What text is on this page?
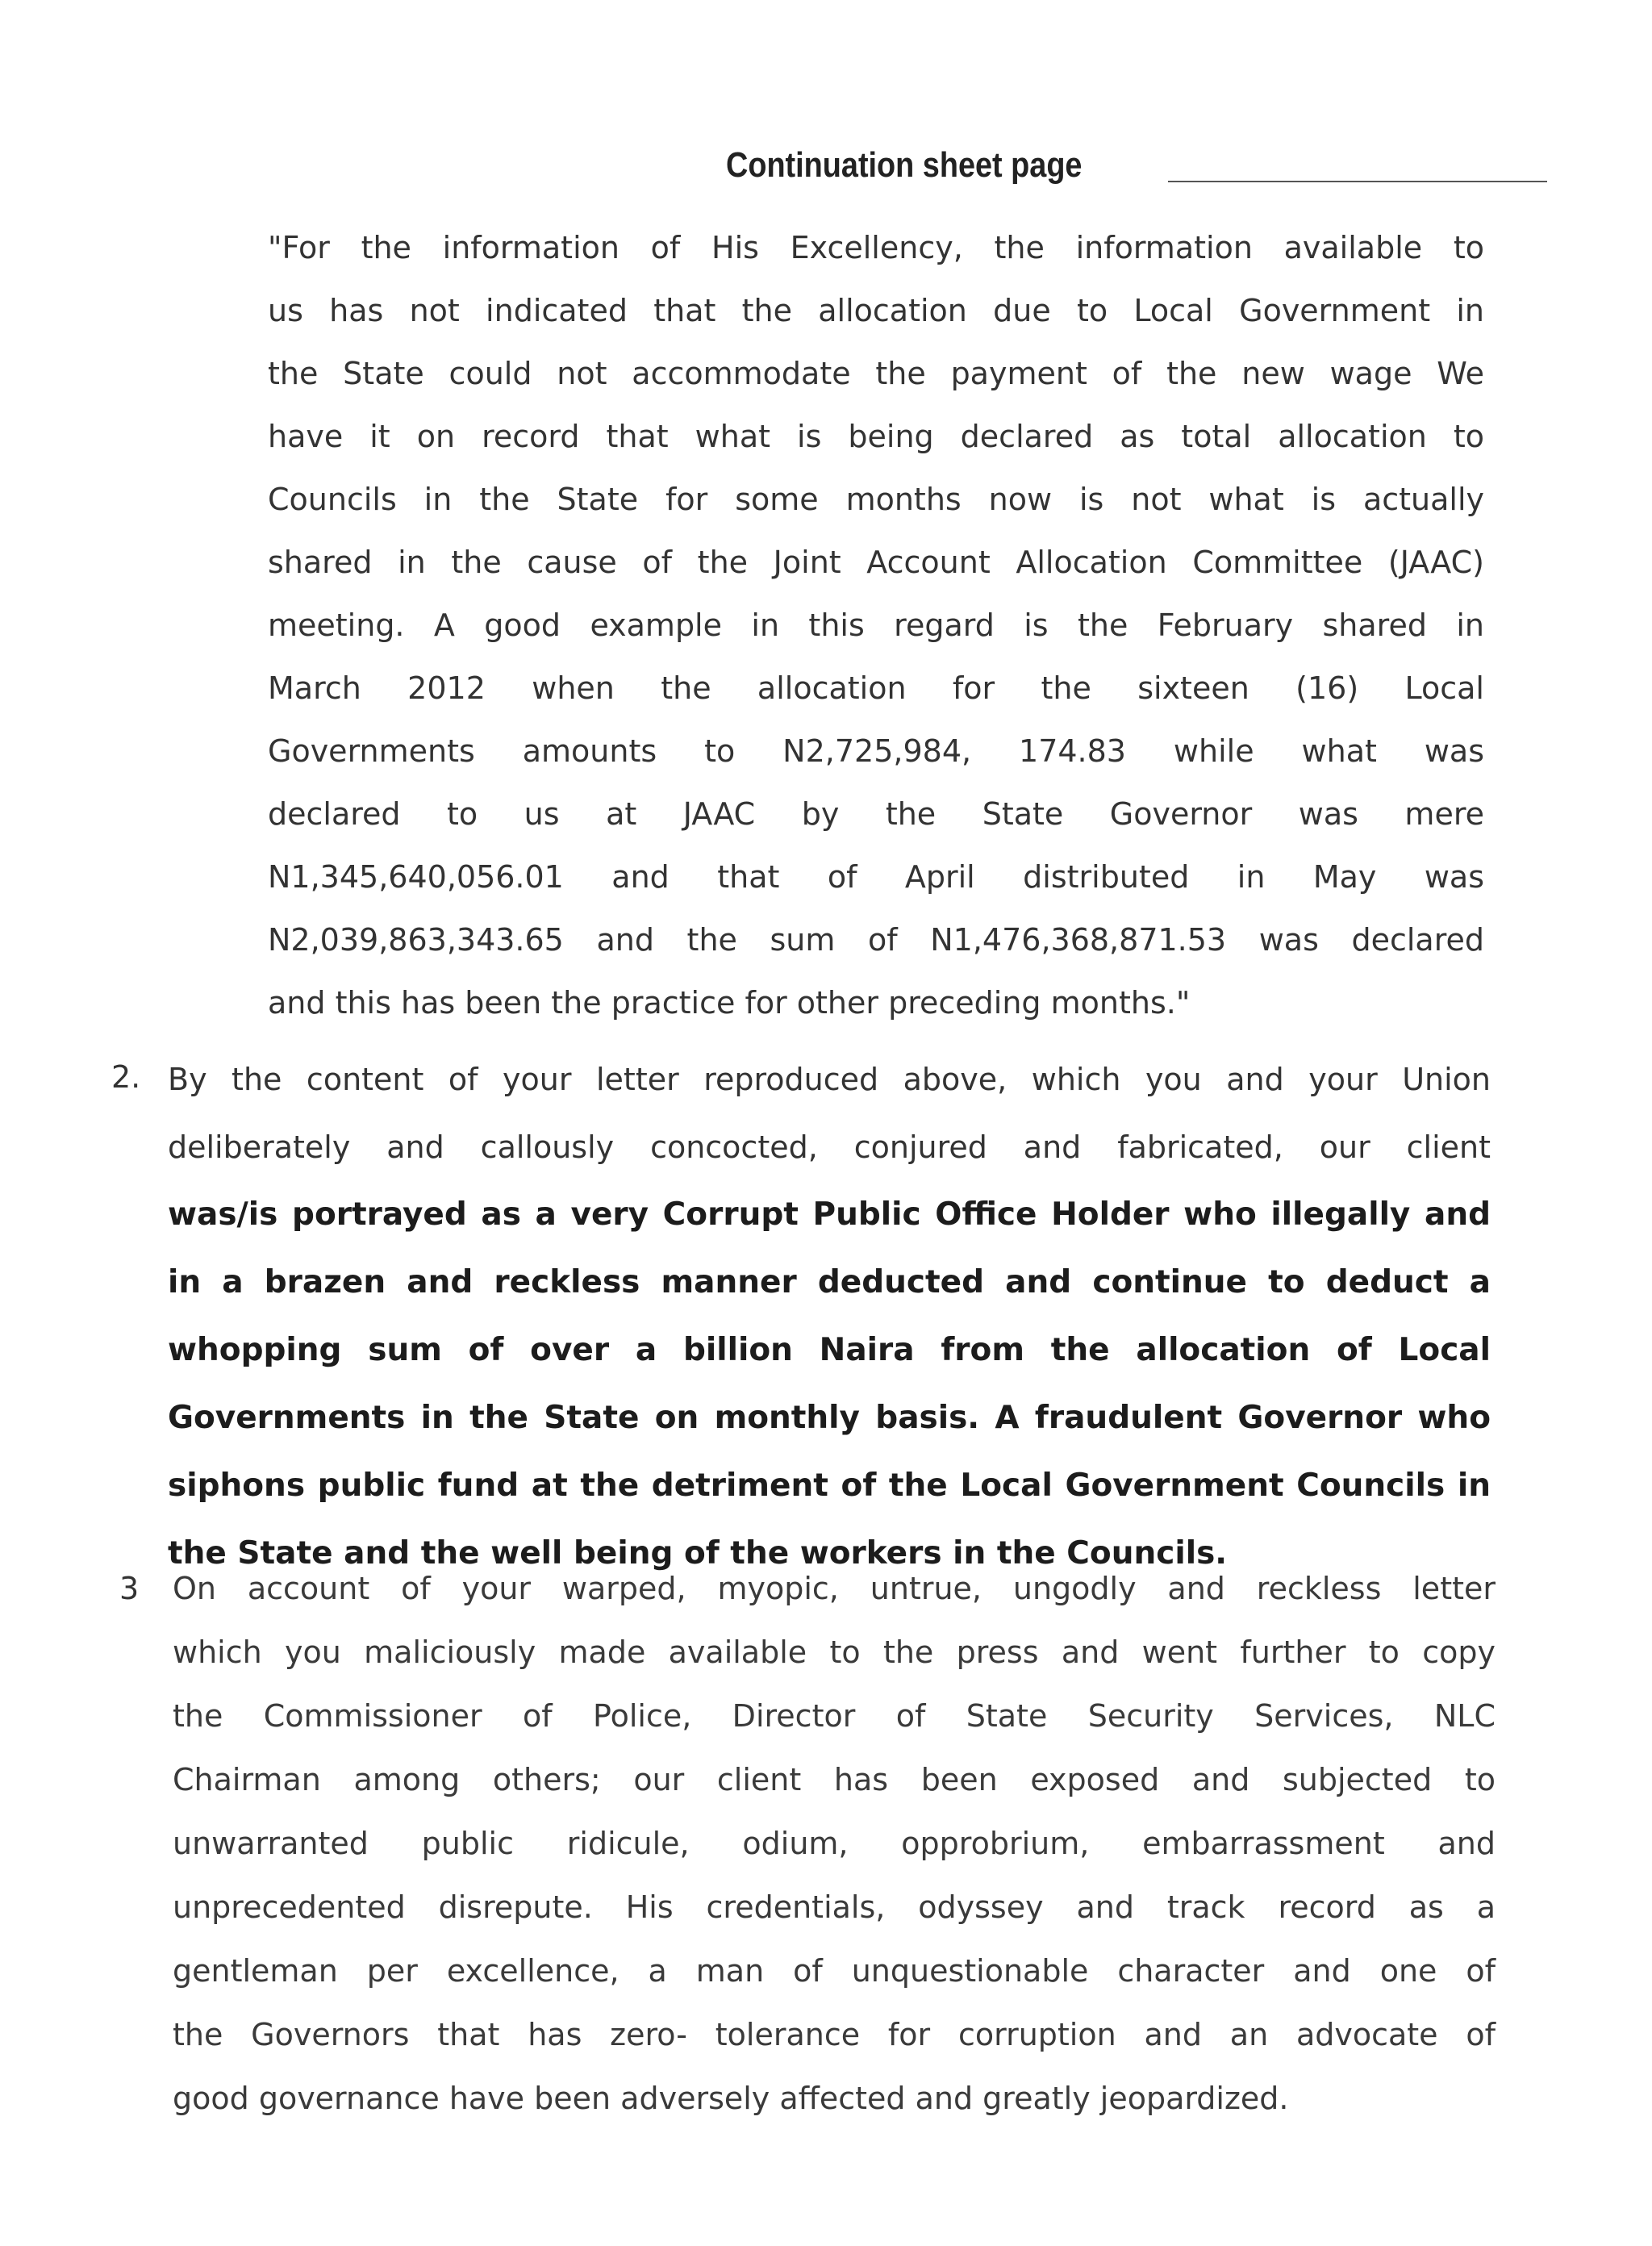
Continuation sheet page
"For the information of His Excellency, the information available to
us has not indicated that the allocation due to Local Government in
the State could not accommodate the payment of the new wage We
have it on record that what is being declared as total allocation to
Councils in the State for some months now is not what is actually
shared in the cause of the Joint Account Allocation Committee (JAAC)
meeting. A good example in this regard is the February shared in
March 2012 when the allocation for the sixteen (16) Local
Governments amounts to N2,725,984, 174.83 while what was
declared to us at JAAC by the State Governor was mere
N1,345,640,056.01 and that of April distributed in May was
N2,039,863,343.65 and the sum of N1,476,368,871.53 was declared
and this has been the practice for other preceding months."
2. By the content of your letter reproduced above, which you and your Union
deliberately and callously concocted, conjured and fabricated, our client
was/is portrayed as a very Corrupt Public Office Holder who illegally and
in a brazen and reckless manner deducted and continue to deduct a
whopping sum of over a billion Naira from the allocation of Local
Governments in the State on monthly basis. A fraudulent Governor who
siphons public fund at the detriment of the Local Government Councils in
the State and the well being of the workers in the Councils.
3 On account of your warped, myopic, untrue, ungodly and reckless letter
which you maliciously made available to the press and went further to copy
the Commissioner of Police, Director of State Security Services, NLC
Chairman among others; our client has been exposed and subjected to
unwarranted public ridicule, odium, opprobrium, embarrassment and
unprecedented disrepute. His credentials, odyssey and track record as a
gentleman per excellence, a man of unquestionable character and one of
the Governors that has zero- tolerance for corruption and an advocate of
good governance have been adversely affected and greatly jeopardized.
